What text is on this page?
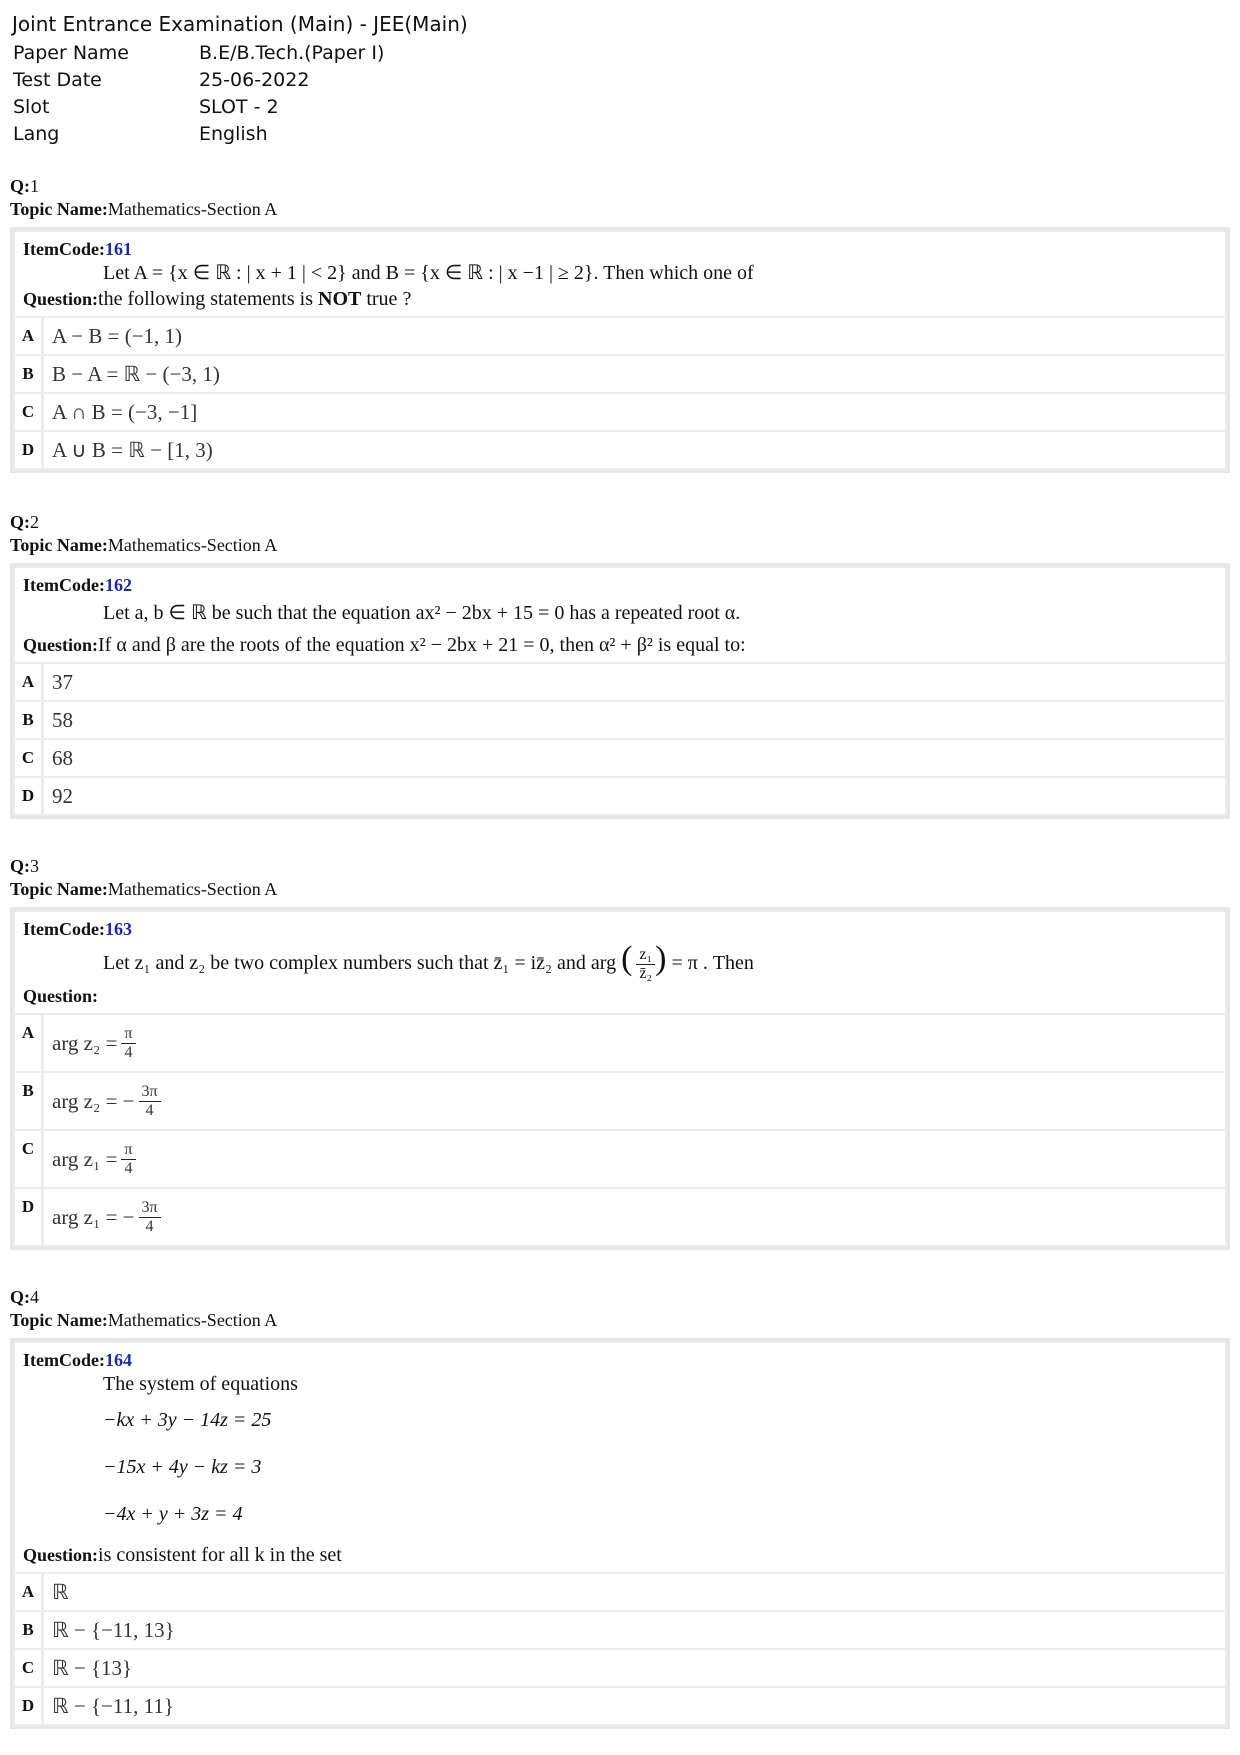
Joint Entrance Examination (Main) - JEE(Main)
Paper Name	B.E/B.Tech.(Paper I)
Test Date	25-06-2022
Slot	SLOT - 2
Lang	English
Q:1
Topic Name:Mathematics-Section A
ItemCode:161
Let A = {x ∈ ℝ : | x + 1 | < 2} and B = {x ∈ ℝ : | x −1 | ≥ 2}. Then which one of
Question:the following statements is NOT true ?
A A − B = (−1, 1)
B B − A = ℝ − (−3, 1)
C A ∩ B = (−3, −1]
D A ∪ B = ℝ − [1, 3)
Q:2
Topic Name:Mathematics-Section A
ItemCode:162
Let a, b ∈ ℝ be such that the equation ax² − 2bx + 15 = 0 has a repeated root α.
Question:If α and β are the roots of the equation x² − 2bx + 21 = 0, then α² + β² is equal to:
A 37
B 58
C 68
D 92
Q:3
Topic Name:Mathematics-Section A
ItemCode:163
Let z₁ and z₂ be two complex numbers such that z̄₁ = iz̄₂ and arg ( $\frac{\text{z₁}}{\text{z̄₂}}$ ) = π . Then
Question:
A arg $z_2 = \frac{\pi}{4}$
B arg z₂ = − $\frac{3\pi}{4}$
C arg $z_1 = \frac{\pi}{4}$
D arg z₁ = − $\frac{3\pi}{4}$
Q:4
Topic Name:Mathematics-Section A
ItemCode:164
The system of equations
−kx + 3y − 14z = 25
−15x + 4y − kz = 3
−4x + y + 3z = 4
Question:is consistent for all k in the set
A ℝ
B ℝ − {−11, 13}
C ℝ − {13}
D ℝ − {−11, 11}
